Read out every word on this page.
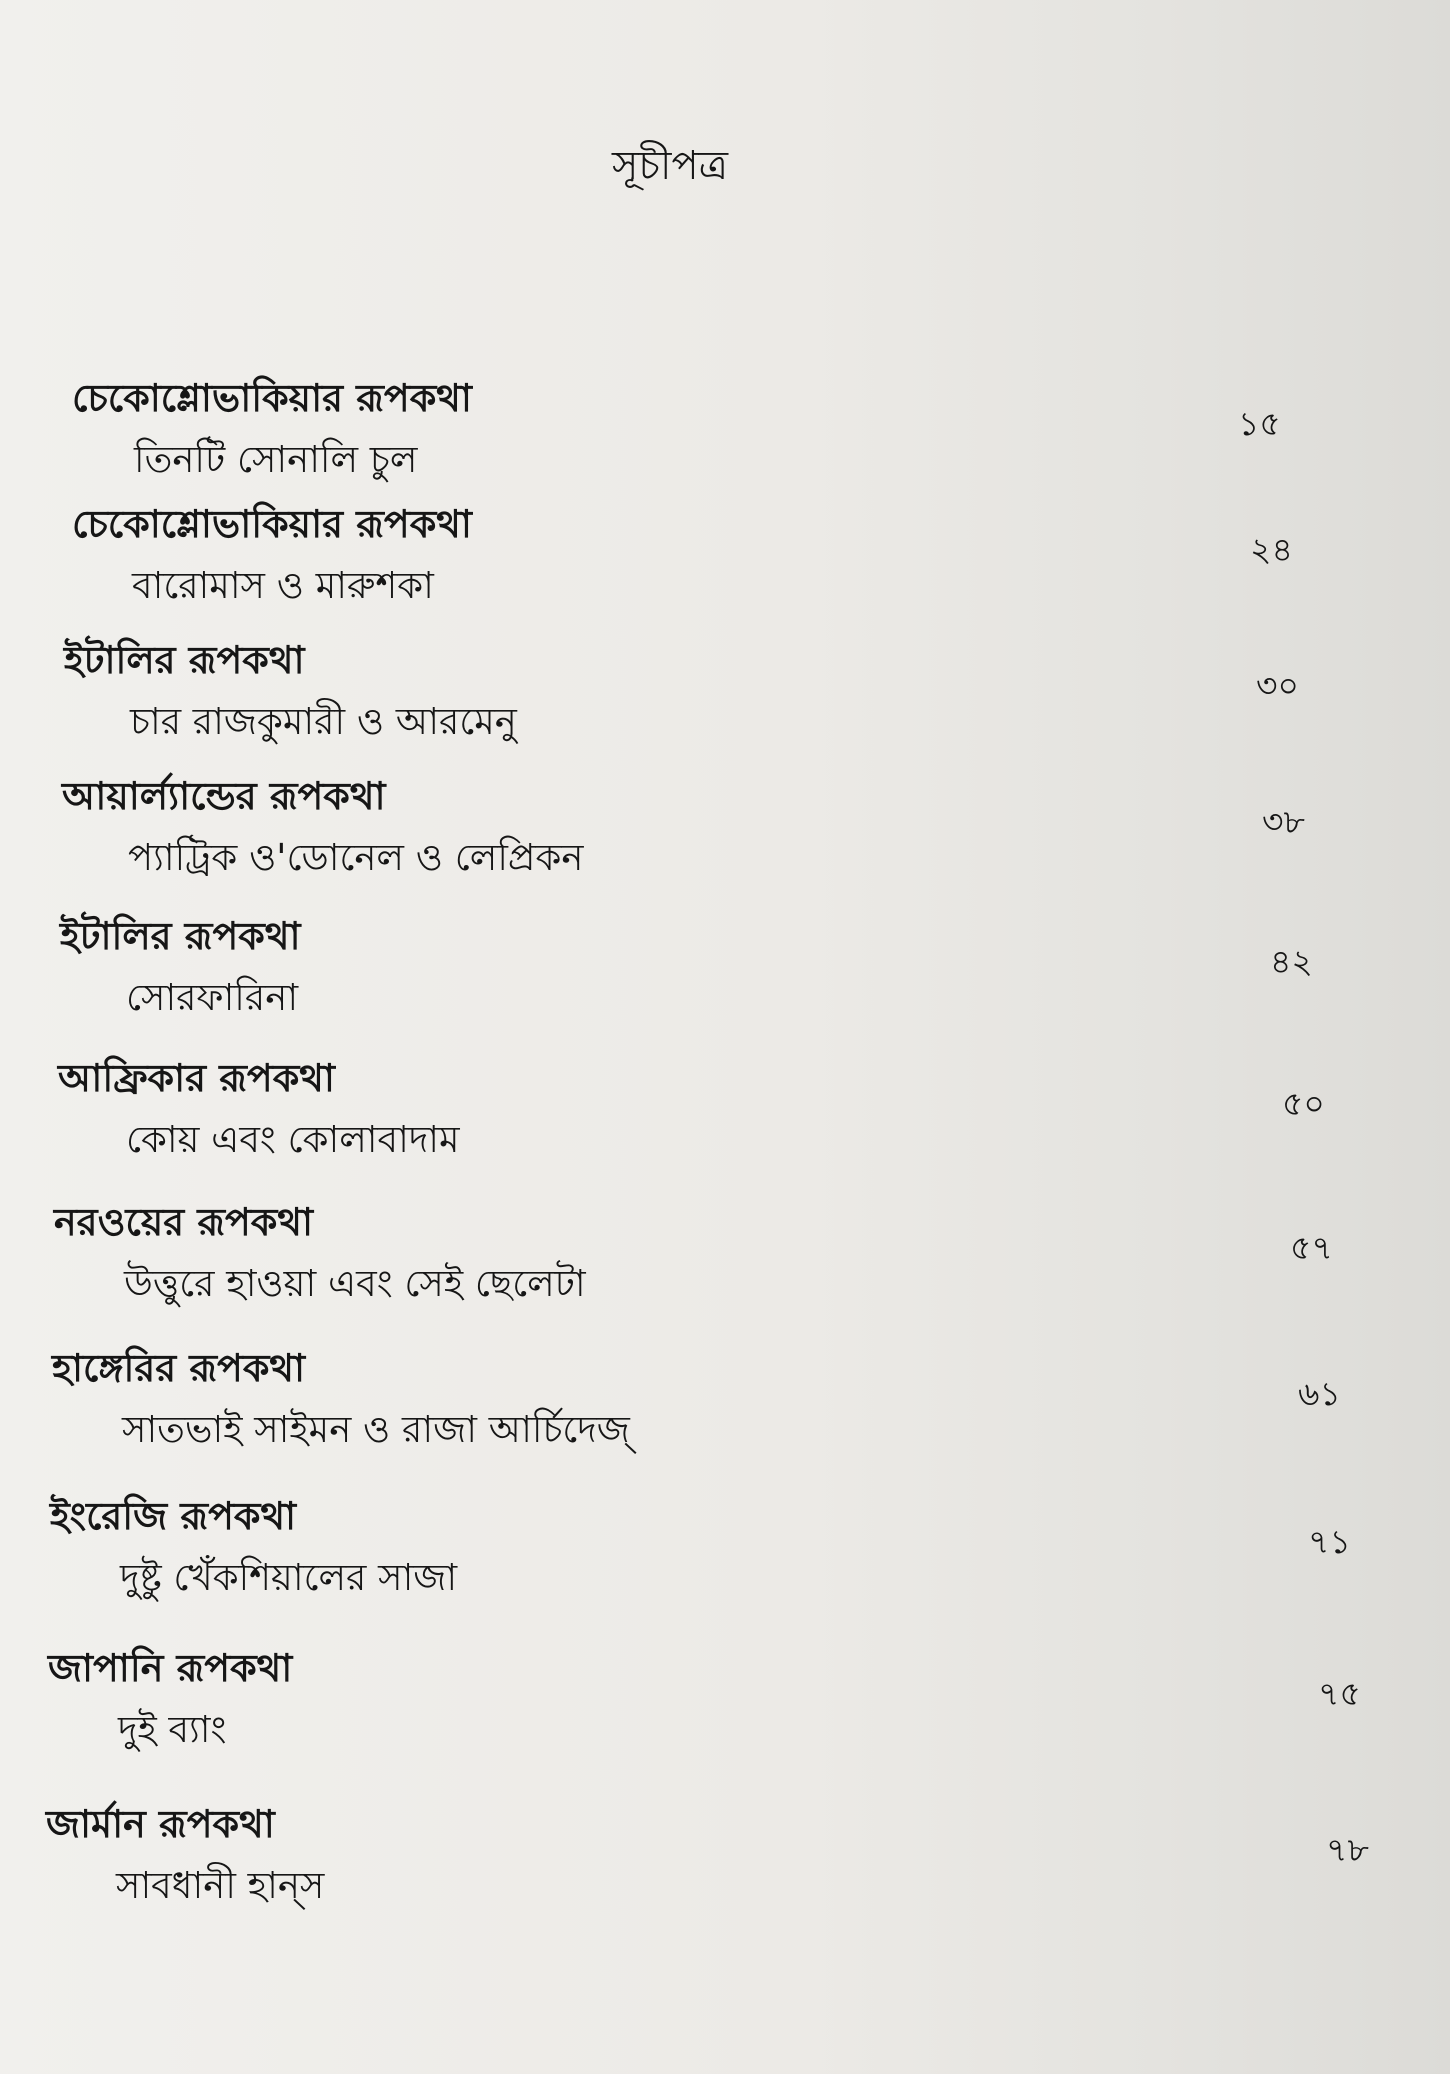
সূচীপত্র
চেকোশ্লোভাকিয়ার রূপকথা
তিনটি সোনালি চুল
১৫
চেকোশ্লোভাকিয়ার রূপকথা
বারোমাস ও মারুশকা
২৪
ইটালির রূপকথা
চার রাজকুমারী ও আরমেনু
৩০
আয়ার্ল্যান্ডের রূপকথা
প্যাট্রিক ও'ডোনেল ও লেপ্রিকন
৩৮
ইটালির রূপকথা
সোরফারিনা
৪২
আফ্রিকার রূপকথা
কোয় এবং কোলাবাদাম
৫০
নরওয়ের রূপকথা
উত্তুরে হাওয়া এবং সেই ছেলেটা
৫৭
হাঙ্গেরির রূপকথা
সাতভাই সাইমন ও রাজা আর্চিদেজ্
৬১
ইংরেজি রূপকথা
দুষ্টু খেঁকশিয়ালের সাজা
৭১
জাপানি রূপকথা
দুই ব্যাং
৭৫
জার্মান রূপকথা
সাবধানী হান্‌স
৭৮
